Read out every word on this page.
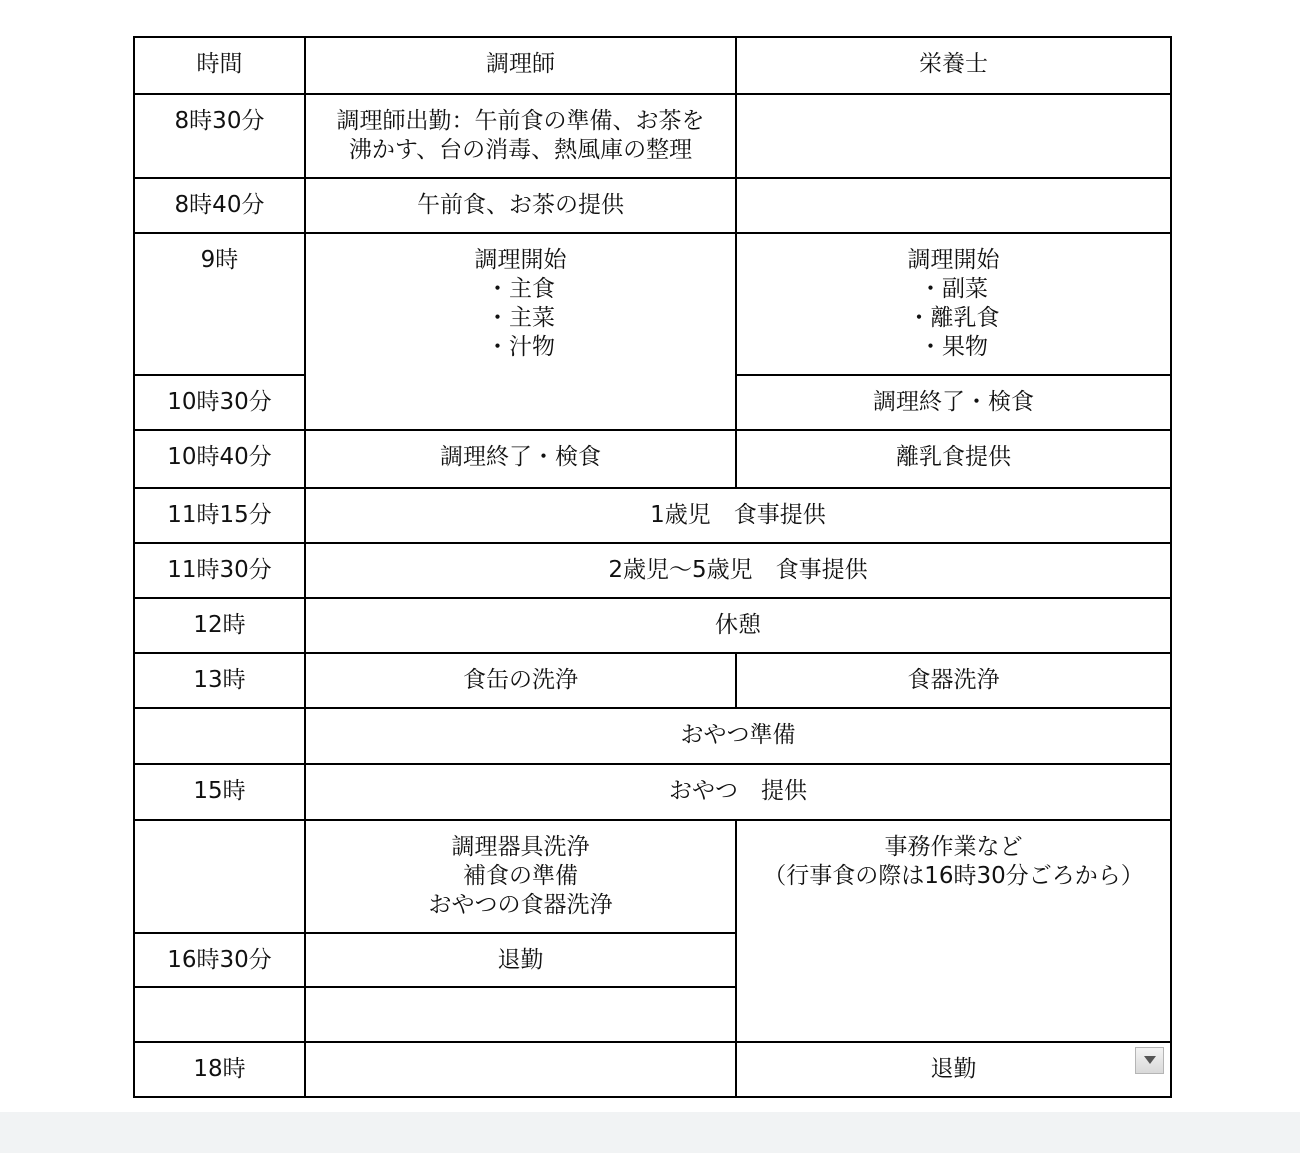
時間	調理師	栄養士
8時30分	調理師出勤：午前食の準備、お茶を
沸かす、台の消毒、熱風庫の整理	

8時40分	午前食、お茶の提供	
9時	調理開始
・主食
・主菜
・汁物	調理開始
・副菜
・離乳食
・果物

10時30分		調理終了・検食
10時40分	調理終了・検食	離乳食提供
11時15分	1歳児　食事提供	
11時30分	2歳児～5歳児　食事提供	
12時	休憩	
13時	食缶の洗浄	食器洗浄
	おやつ準備	
15時	おやつ　提供	

	調理器具洗浄
補食の準備
おやつの食器洗浄	事務作業など
（行事食の際は16時30分ごろから）

16時30分	退勤	

18時		退勤
